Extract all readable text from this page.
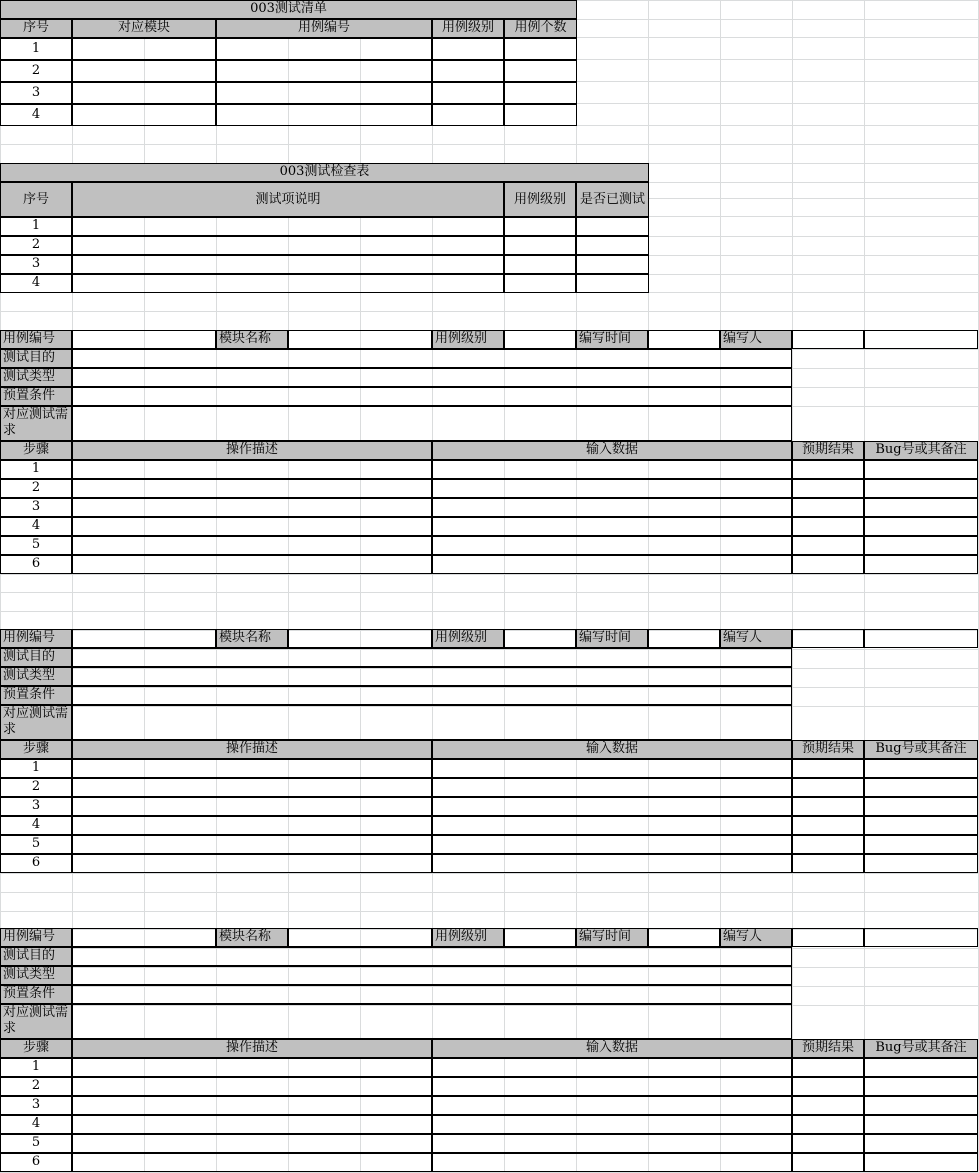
003测试清单
序号	对应模块	用例编号	用例级别	用例个数
1
2
3
4
003测试检查表
序号	测试项说明	用例级别	是否已测试
1
2
3
4
用例编号	模块名称	用例级别	编写时间	编写人
测试目的
测试类型
预置条件
对应测试需求
步骤	操作描述	输入数据	预期结果	Bug号或其备注
1
2
3
4
5
6
用例编号	模块名称	用例级别	编写时间	编写人
测试目的
测试类型
预置条件
对应测试需求
步骤	操作描述	输入数据	预期结果	Bug号或其备注
1
2
3
4
5
6
用例编号	模块名称	用例级别	编写时间	编写人
测试目的
测试类型
预置条件
对应测试需求
步骤	操作描述	输入数据	预期结果	Bug号或其备注
1
2
3
4
5
6
